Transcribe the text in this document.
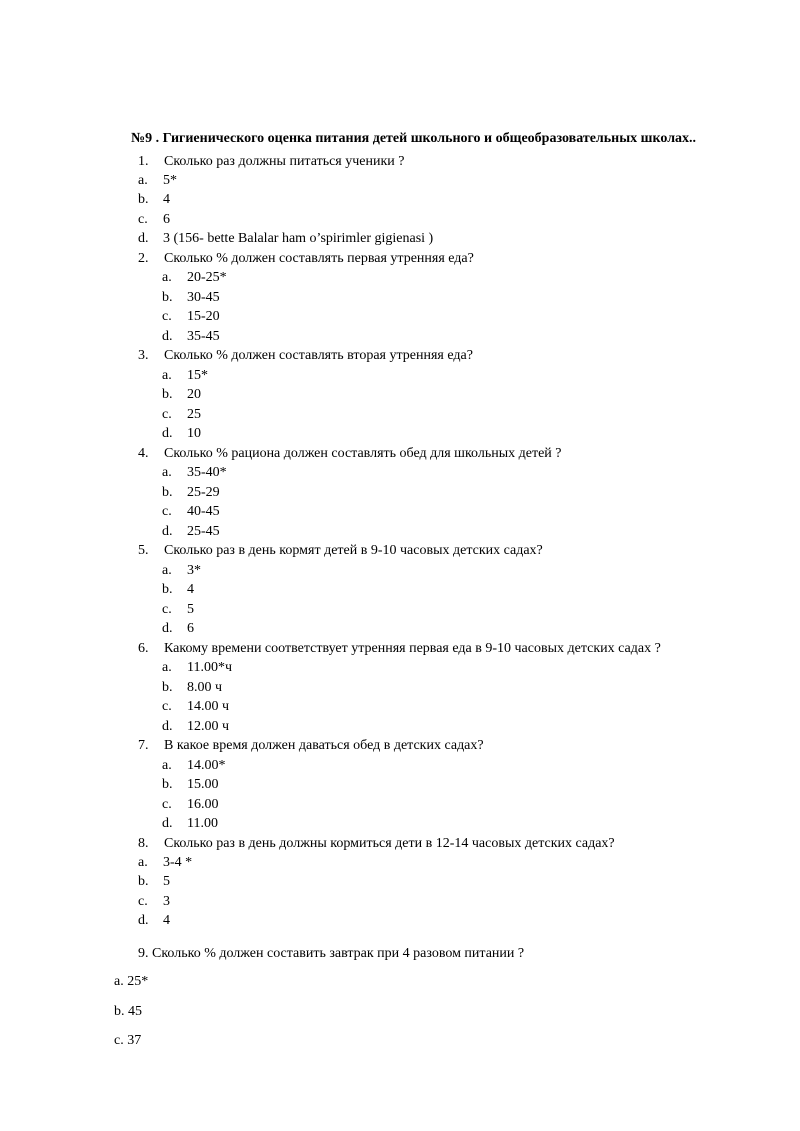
№9 . Гигиенического оценка питания детей школьного и общеобразовательных школах..
1. Сколько раз должны питаться ученики ?
a. 5*
b. 4
c. 6
d. 3 (156- bette Balalar ham o’spirimler gigienasi )
2. Сколько % должен составлять первая утренняя еда?
a. 20-25*
b. 30-45
c. 15-20
d. 35-45
3. Сколько % должен составлять вторая утренняя еда?
a. 15*
b. 20
c. 25
d. 10
4. Сколько % рациона должен составлять обед для школьных детей ?
a. 35-40*
b. 25-29
c. 40-45
d. 25-45
5. Сколько раз в день кормят детей в 9-10 часовых детских садах?
a. 3*
b. 4
c. 5
d. 6
6. Какому времени соответствует утренняя первая еда в 9-10 часовых детских садах ?
a. 11.00*ч
b. 8.00 ч
c. 14.00 ч
d. 12.00 ч
7. В какое время должен даваться обед в детских садах?
a. 14.00*
b. 15.00
c. 16.00
d. 11.00
8. Сколько раз в день должны кормиться дети в 12-14 часовых детских садах?
a. 3-4 *
b. 5
c. 3
d. 4
9. Сколько % должен составить завтрак при 4 разовом питании ?
a. 25*
b. 45
c. 37
